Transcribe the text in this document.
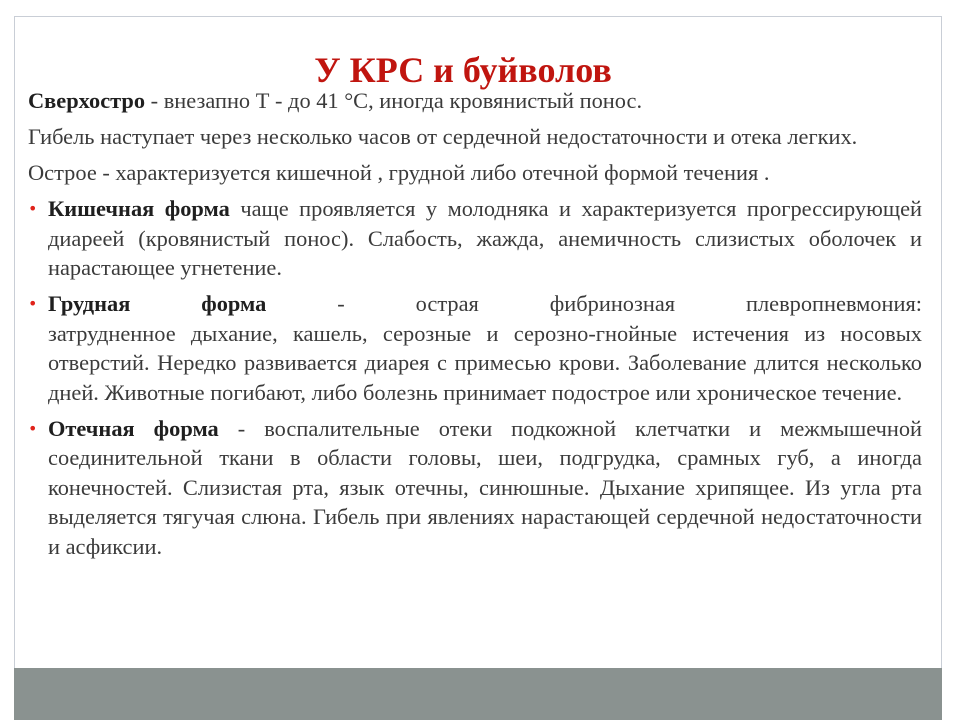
У КРС и буйволов

Сверхостро - внезапно Т - до 41 °С, иногда кровянистый понос.

Гибель наступает через несколько часов от сердечной недостаточности и отека легких.

Острое - характеризуется кишечной , грудной либо отечной формой течения .

• Кишечная форма чаще проявляется у молодняка и характеризуется прогрессирующей диареей (кровянистый понос). Слабость, жажда, анемичность слизистых оболочек и нарастающее угнетение.
• Грудная форма - острая фибринозная плевропневмония:
затрудненное дыхание, кашель, серозные и серозно-гнойные истечения из носовых отверстий. Нередко развивается диарея с примесью крови. Заболевание длится несколько дней. Животные погибают, либо болезнь принимает подострое или хроническое течение.
• Отечная форма - воспалительные отеки подкожной клетчатки и межмышечной соединительной ткани в области головы, шеи, подгрудка, срамных губ, а иногда конечностей. Слизистая рта, язык отечны, синюшные. Дыхание хрипящее. Из угла рта выделяется тягучая слюна. Гибель при явлениях нарастающей сердечной недостаточности и асфиксии.
